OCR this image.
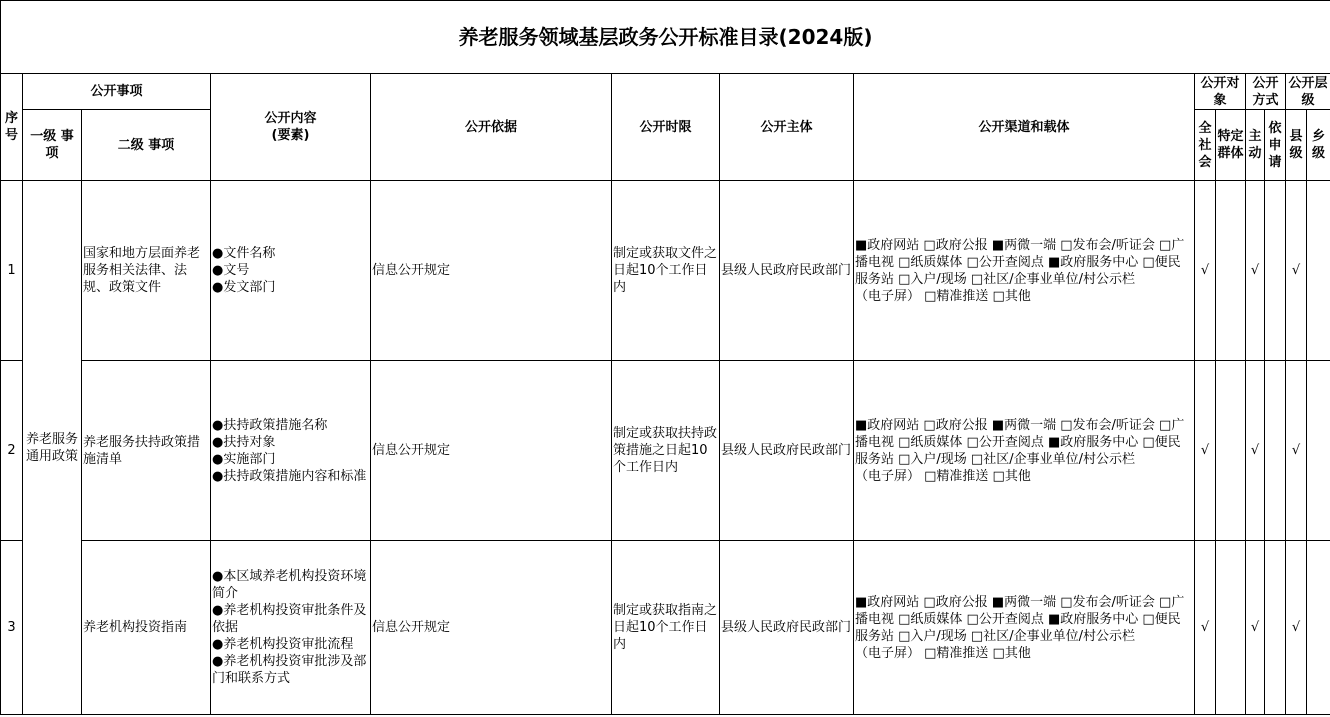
养老服务领域基层政务公开标准目录(2024版)													
序号	公开事项		公开内容
(要素)	公开依据	公开时限	公开主体	公开渠道和载体	公开对象		公开方式		公开层级	
	一级 事项	二级 事项						全社会	特定群体	主动	依申请	县级	乡级
1	养老服务通用政策	国家和地方层面养老服务相关法律、法规、政策文件	●文件名称
●文号
●发文部门	信息公开规定	制定或获取文件之日起10个工作日内	县级人民政府民政部门	■政府网站 □政府公报 ■两微一端 □发布会/听证会 □广播电视 □纸质媒体 □公开查阅点 ■政府服务中心 □便民服务站 □入户/现场 □社区/企事业单位/村公示栏
（电子屏） □精准推送 □其他	√		√		√	
2		养老服务扶持政策措施清单	●扶持政策措施名称
●扶持对象
●实施部门
●扶持政策措施内容和标准	信息公开规定	制定或获取扶持政策措施之日起10个工作日内	县级人民政府民政部门	■政府网站 □政府公报 ■两微一端 □发布会/听证会 □广播电视 □纸质媒体 □公开查阅点 ■政府服务中心 □便民服务站 □入户/现场 □社区/企事业单位/村公示栏
（电子屏） □精准推送 □其他	√		√		√	
3		养老机构投资指南	●本区域养老机构投资环境简介
●养老机构投资审批条件及依据
●养老机构投资审批流程
●养老机构投资审批涉及部门和联系方式	信息公开规定	制定或获取指南之日起10个工作日内	县级人民政府民政部门	■政府网站 □政府公报 ■两微一端 □发布会/听证会 □广播电视 □纸质媒体 □公开查阅点 ■政府服务中心 □便民服务站 □入户/现场 □社区/企事业单位/村公示栏
（电子屏） □精准推送 □其他	√		√		√	
